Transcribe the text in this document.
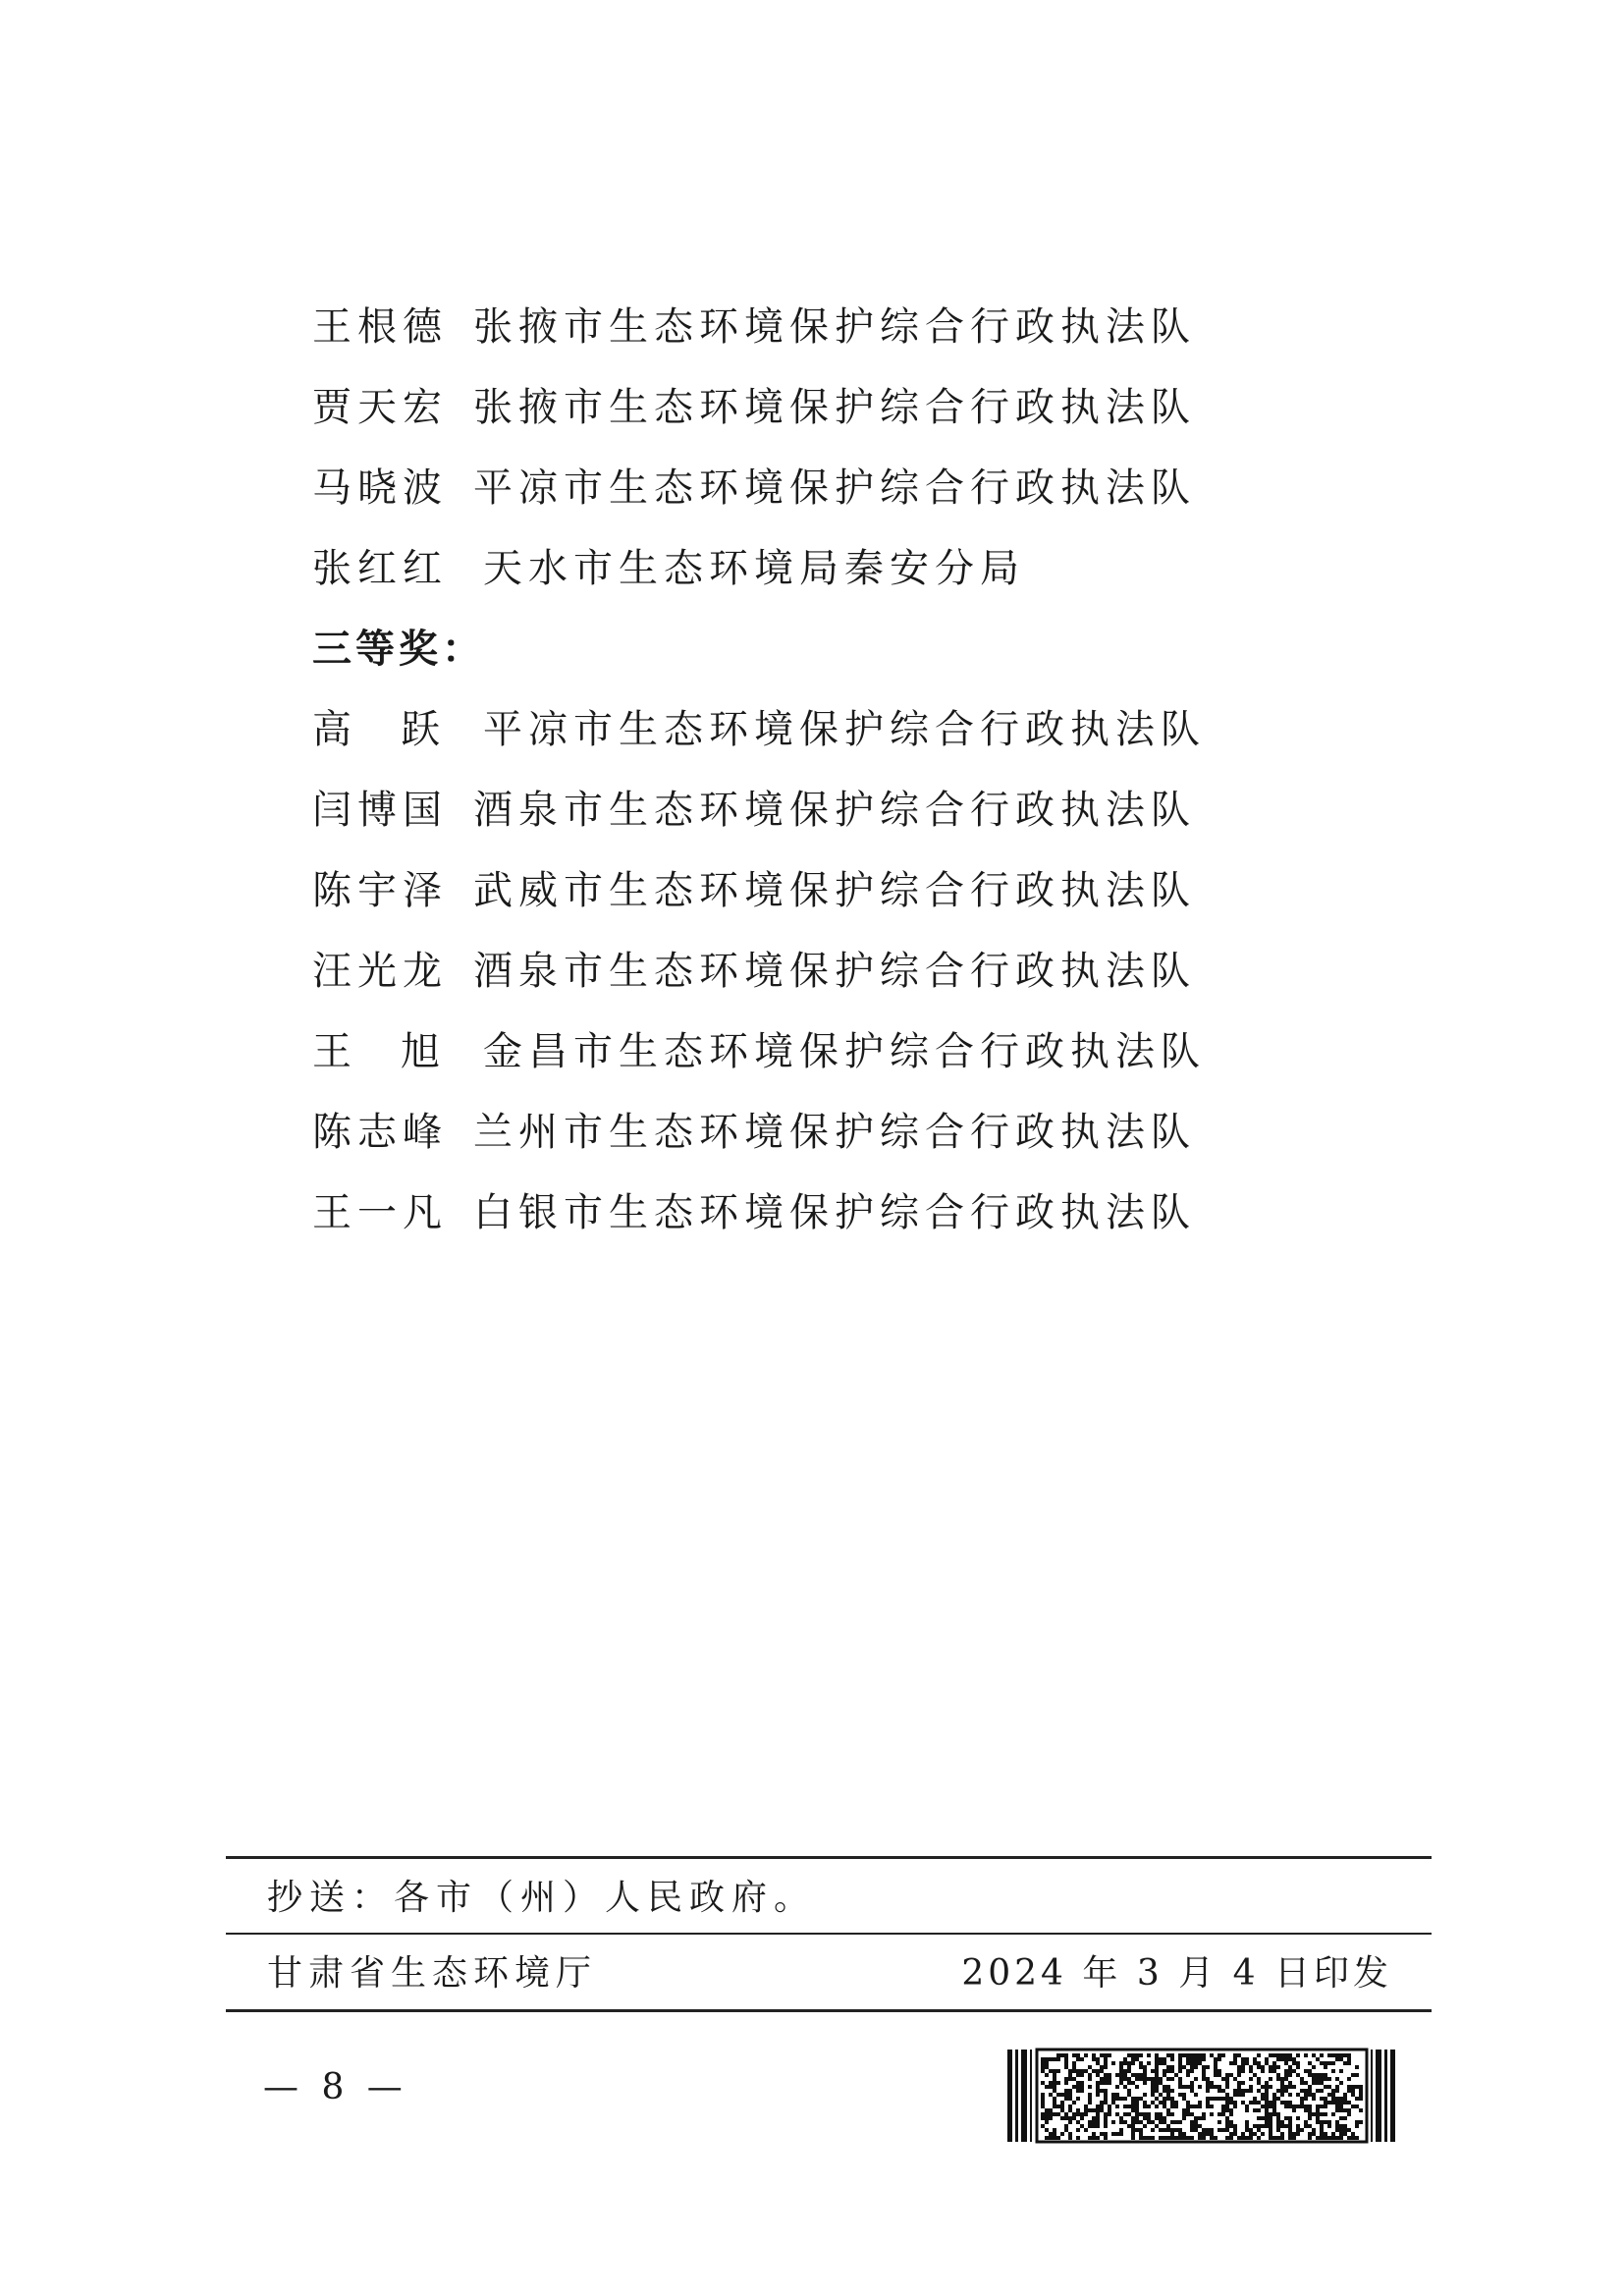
王根德 张掖市生态环境保护综合行政执法队
贾天宏 张掖市生态环境保护综合行政执法队
马晓波 平凉市生态环境保护综合行政执法队
张红红 天水市生态环境局秦安分局
三等奖：
高跃
平凉市生态环境保护综合行政执法队
闫博国 酒泉市生态环境保护综合行政执法队
陈宇泽 武威市生态环境保护综合行政执法队
汪光龙 酒泉市生态环境保护综合行政执法队
王旭
金昌市生态环境保护综合行政执法队
陈志峰 兰州市生态环境保护综合行政执法队
王一凡 白银市生态环境保护综合行政执法队
抄送：各市（州）人民政府。
甘肃省生态环境厅	2024 年 3 月 4 日印发
— 8 —
